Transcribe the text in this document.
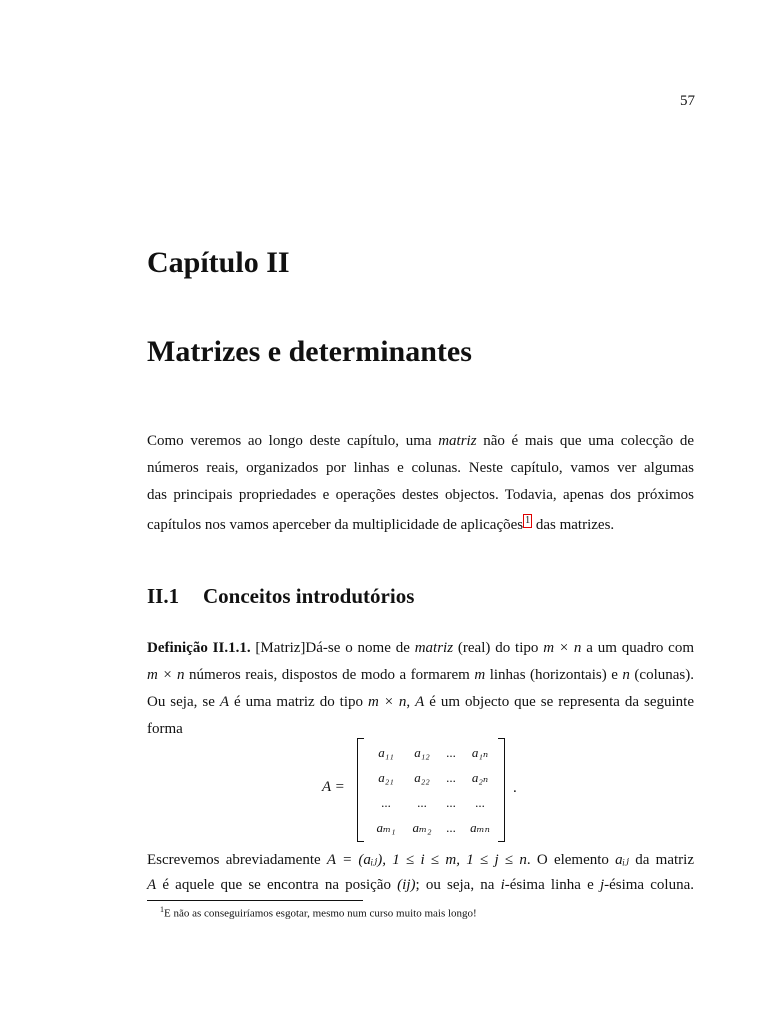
57
Capítulo II
Matrizes e determinantes
Como veremos ao longo deste capítulo, uma matriz não é mais que uma colecção de
números reais, organizados por linhas e colunas. Neste capítulo, vamos ver algumas
das principais propriedades e operações destes objectos. Todavia, apenas dos próximos
capítulos nos vamos aperceber da multiplicidade de aplicações 1 das matrizes.
II.1 Conceitos introdutórios
Definição II.1.1. [Matriz]Dá-se o nome de matriz (real) do tipo m × n a um quadro com
m × n números reais, dispostos de modo a formarem m linhas (horizontais) e n (colunas).
Ou seja, se A é uma matriz do tipo m × n, A é um objecto que se representa da seguinte
forma
A =
a₁₁	a₁₂	...	a₁ₙ
a₂₁	a₂₂	...	a₂ₙ
...	...	...	...
aₘ₁	aₘ₂	...	aₘₙ
.
Escrevemos abreviadamente A = (aᵢⱼ), 1 ≤ i ≤ m, 1 ≤ j ≤ n. O elemento aᵢⱼ da matriz
A é aquele que se encontra na posição (ij); ou seja, na i-ésima linha e j-ésima coluna.
$^1$E não as conseguiríamos esgotar, mesmo num curso muito mais longo!
